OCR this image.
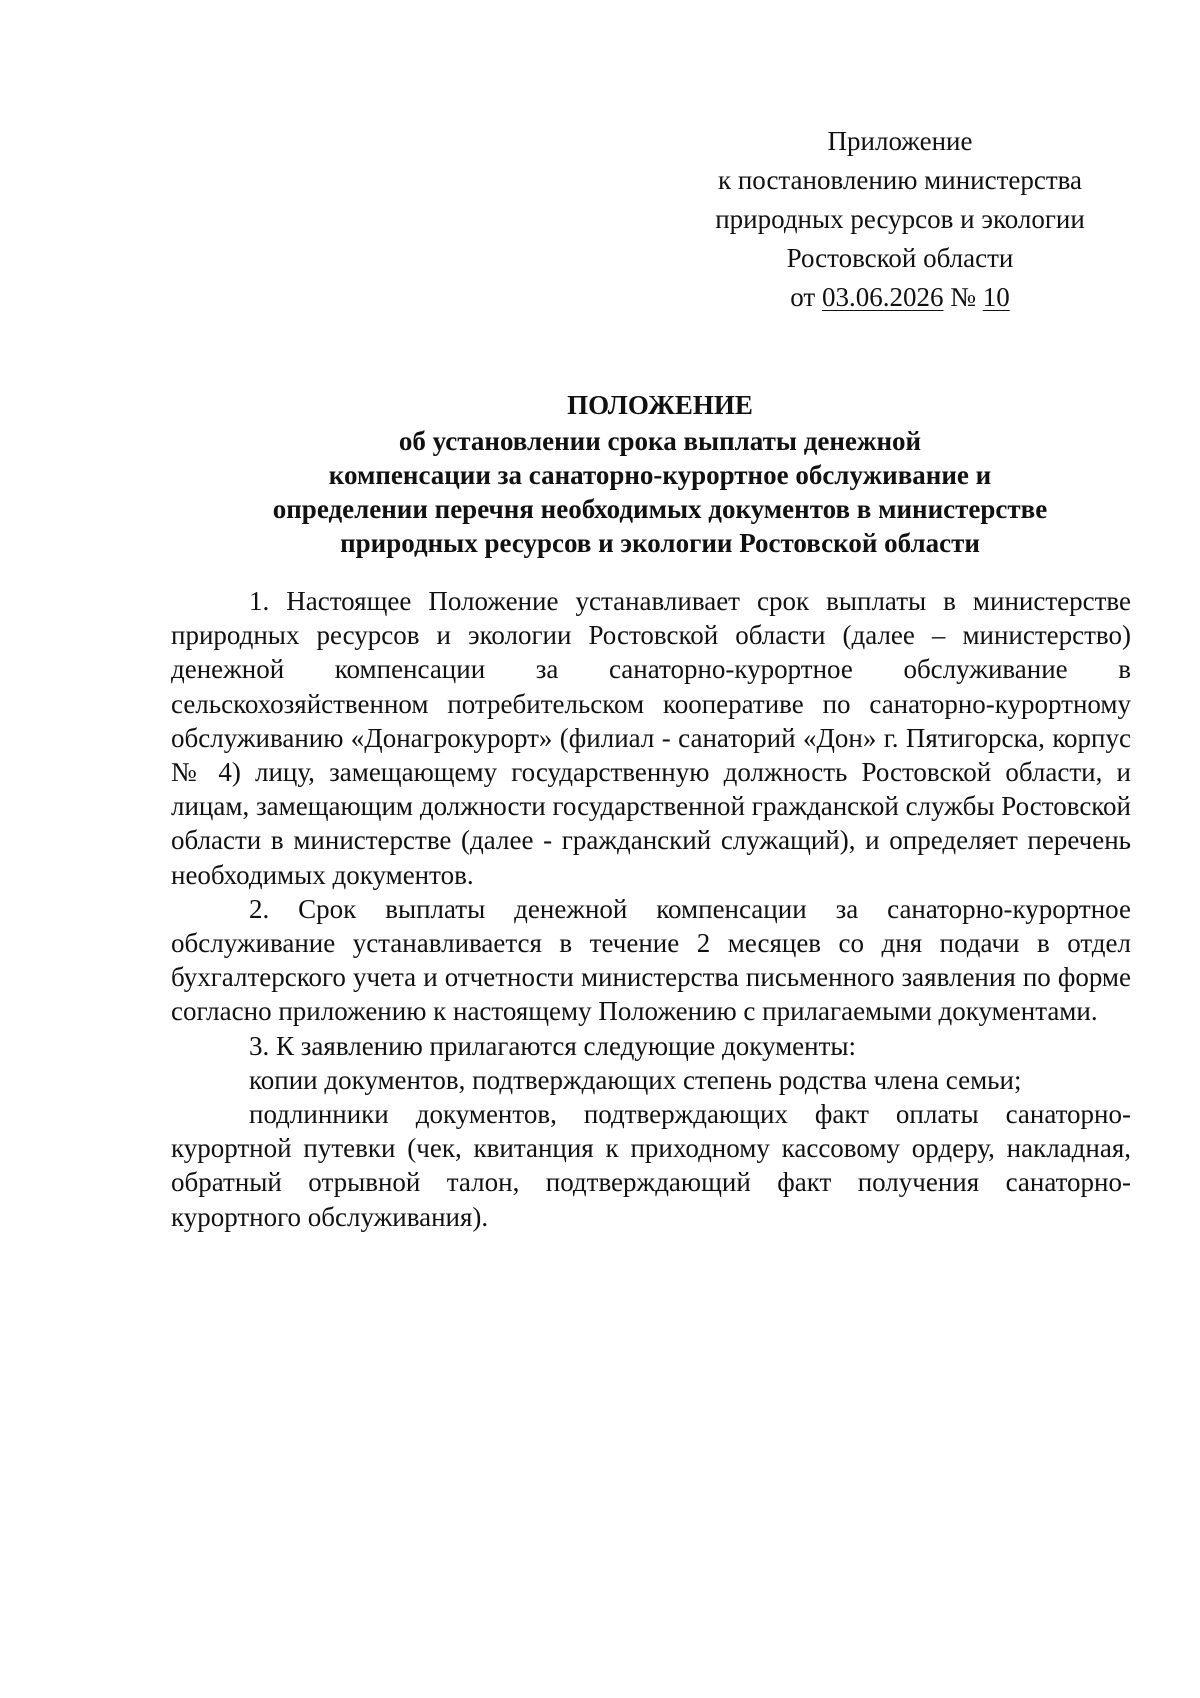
Приложение
к постановлению министерства
природных ресурсов и экологии
Ростовской области
от 03.06.2026 № 10
ПОЛОЖЕНИЕ
об установлении срока выплаты денежной
компенсации за санаторно-курортное обслуживание и
определении перечня необходимых документов в министерстве
природных ресурсов и экологии Ростовской области

1. Настоящее Положение устанавливает срок выплаты в министерстве природных ресурсов и экологии Ростовской области (далее – министерство) денежной компенсации за санаторно-курортное обслуживание в сельскохозяйственном потребительском кооперативе по санаторно-курортному обслуживанию «Донагрокурорт» (филиал - санаторий «Дон» г. Пятигорска, корпус № 4) лицу, замещающему государственную должность Ростовской области, и лицам, замещающим должности государственной гражданской службы Ростовской области в министерстве (далее - гражданский служащий), и определяет перечень необходимых документов.

2. Срок выплаты денежной компенсации за санаторно-курортное обслуживание устанавливается в течение 2 месяцев со дня подачи в отдел бухгалтерского учета и отчетности министерства письменного заявления по форме согласно приложению к настоящему Положению с прилагаемыми документами.

3. К заявлению прилагаются следующие документы:

копии документов, подтверждающих степень родства члена семьи;

подлинники документов, подтверждающих факт оплаты санаторно-курортной путевки (чек, квитанция к приходному кассовому ордеру, накладная, обратный отрывной талон, подтверждающий факт получения санаторно-курортного обслуживания).
